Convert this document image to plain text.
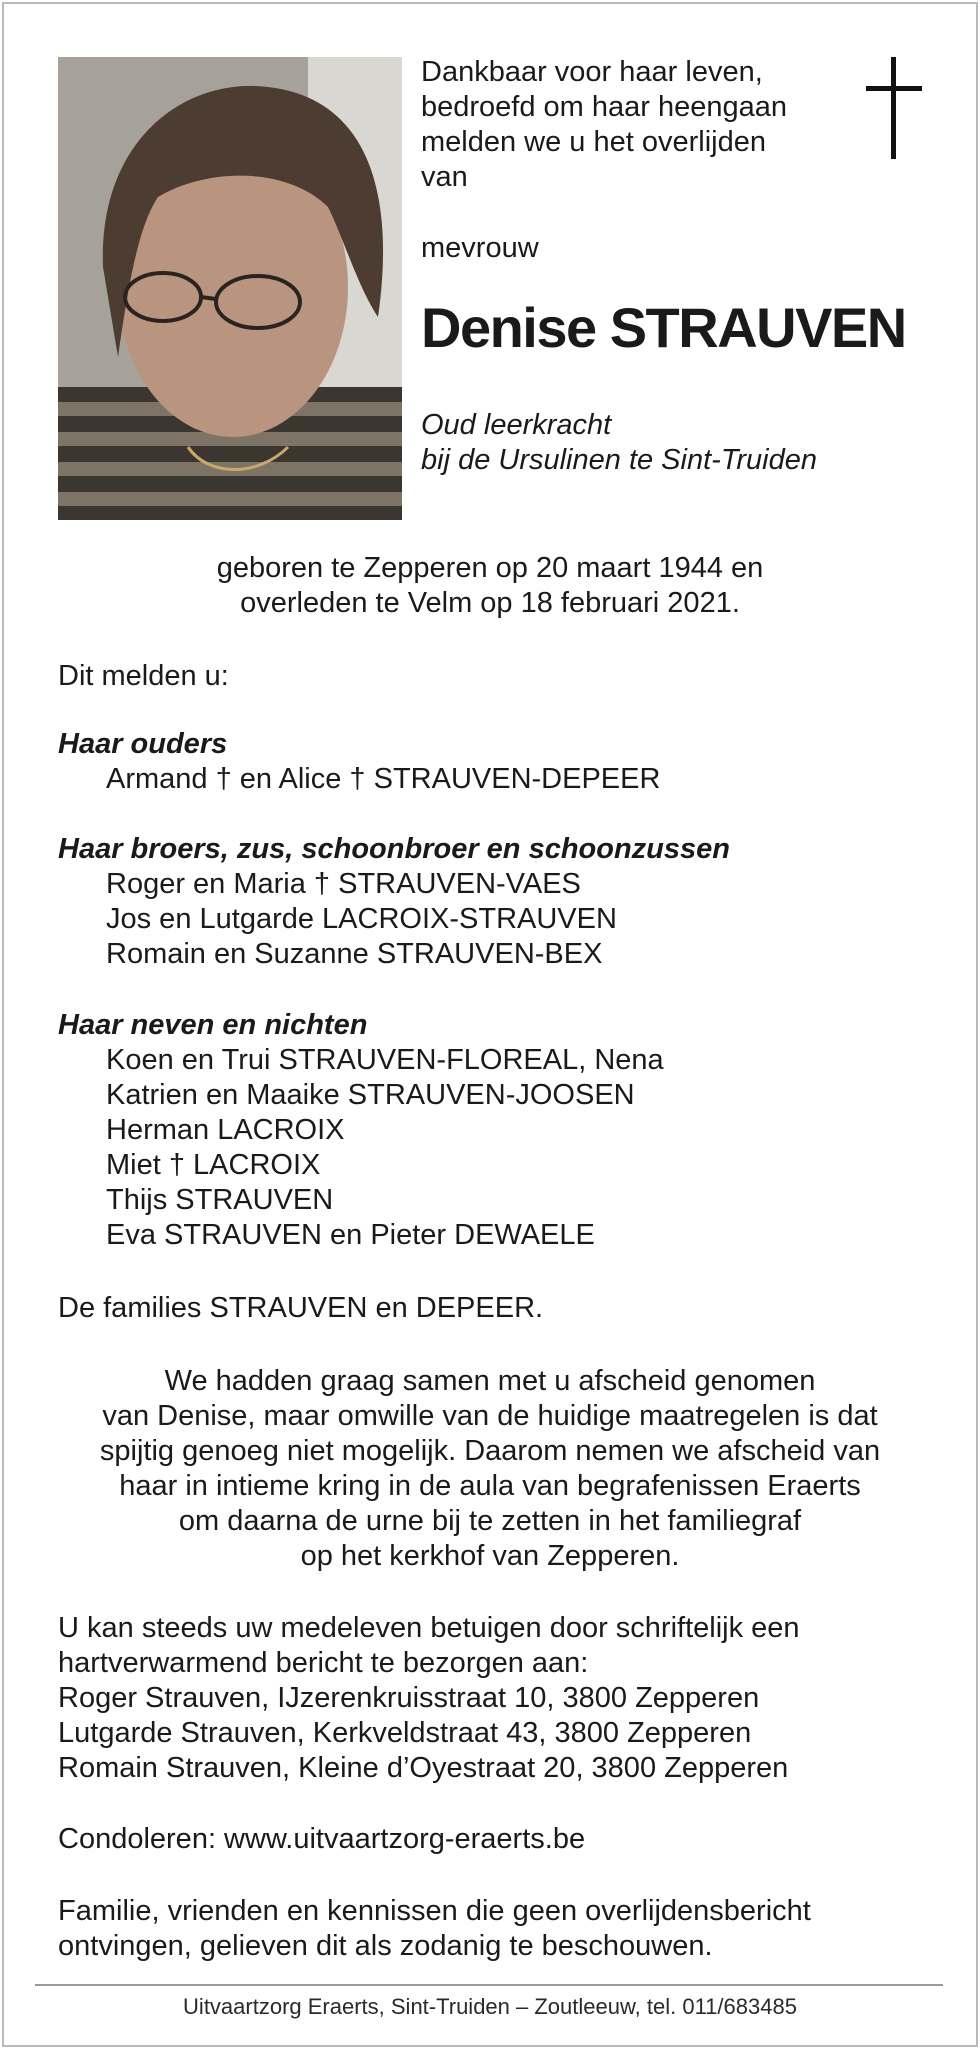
Dankbaar voor haar leven,
bedroefd om haar heengaan
melden we u het overlijden
van
mevrouw
Denise STRAUVEN
Oud leerkracht
bij de Ursulinen te Sint-Truiden
geboren te Zepperen op 20 maart 1944 en
overleden te Velm op 18 februari 2021.
Dit melden u:
Haar ouders
Armand † en Alice † STRAUVEN-DEPEER
Haar broers, zus, schoonbroer en schoonzussen
Roger en Maria † STRAUVEN-VAES
Jos en Lutgarde LACROIX-STRAUVEN
Romain en Suzanne STRAUVEN-BEX
Haar neven en nichten
Koen en Trui STRAUVEN-FLOREAL, Nena
Katrien en Maaike STRAUVEN-JOOSEN
Herman LACROIX
Miet † LACROIX
Thijs STRAUVEN
Eva STRAUVEN en Pieter DEWAELE
De families STRAUVEN en DEPEER.
We hadden graag samen met u afscheid genomen
van Denise, maar omwille van de huidige maatregelen is dat
spijtig genoeg niet mogelijk. Daarom nemen we afscheid van
haar in intieme kring in de aula van begrafenissen Eraerts
om daarna de urne bij te zetten in het familiegraf
op het kerkhof van Zepperen.
U kan steeds uw medeleven betuigen door schriftelijk een
hartverwarmend bericht te bezorgen aan:
Roger Strauven, IJzerenkruisstraat 10, 3800 Zepperen
Lutgarde Strauven, Kerkveldstraat 43, 3800 Zepperen
Romain Strauven, Kleine d’Oyestraat 20, 3800 Zepperen
Condoleren: www.uitvaartzorg-eraerts.be
Familie, vrienden en kennissen die geen overlijdensbericht
ontvingen, gelieven dit als zodanig te beschouwen.
Uitvaartzorg Eraerts, Sint-Truiden – Zoutleeuw, tel. 011/683485
